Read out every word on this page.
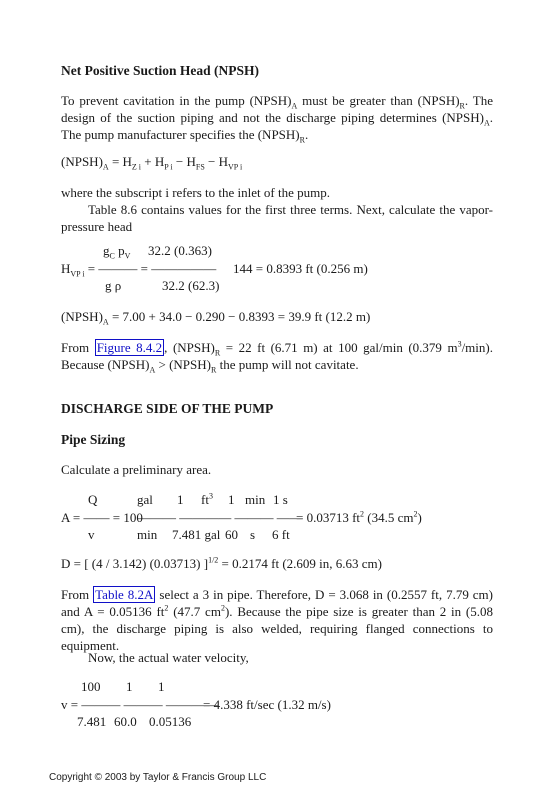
Net Positive Suction Head (NPSH)
To prevent cavitation in the pump $(NPSH)_A$ must be greater than $(NPSH)_R$. The design of the suction piping and not the discharge piping determines $(NPSH)_A$. The pump manufacturer specifies the $(NPSH)_R$.
$(NPSH)_A = H_{Z i} + H_{P i} - H_{FS} - H_{VP i}$
where the subscript i refers to the inlet of the pump.
Table 8.6 contains values for the first three terms. Next, calculate the vapor-pressure head
$g_C$ $p_V$ 32.2 (0.363)
$H_{VP i}$ = ——— = ————— 144 = 0.8393 ft (0.256 m)
g ρ	32.2 (62.3)
$(NPSH)_A = 7.00 + 34.0 - 0.290 - 0.8393 = 39.9$ ft (12.2 m)
From Figure 8.4.2 , $(NPSH)_R = 22$ ft (6.71 m) at 100 gal/min (0.379 $m^3/\min$). Because $(NPSH)_A$ > $(NPSH)_R$ the pump will not cavitate.
DISCHARGE SIDE OF THE PUMP
Pipe Sizing
Calculate a preliminary area.
Q	gal 1 $ft^3$ 1 min 1 s
A = —— = 100
——— ———— ——— ——
= 0.03713 $ft^2$ (34.5 $cm^2$)
v	min 7.481 gal 60 s 6 ft
D = [ (4 / 3.142) (0.03713) ]$^{1/2}$ = 0.2174 ft (2.609 in, 6.63 cm)
From Table 8.2A select a 3 in pipe. Therefore, D = 3.068 in (0.2557 ft, 7.79 cm) and A = 0.05136 $ft^2$ (47.7 $cm^2$). Because the pipe size is greater than 2 in (5.08 cm), the discharge piping is also welded, requiring flanged connections to equipment.
Now, the actual water velocity,
100 1 1
v = ——— ——— ————
= 4.338 ft/sec (1.32 m/s)
7.481 60.0 0.05136
Copyright © 2003 by Taylor & Francis Group LLC
